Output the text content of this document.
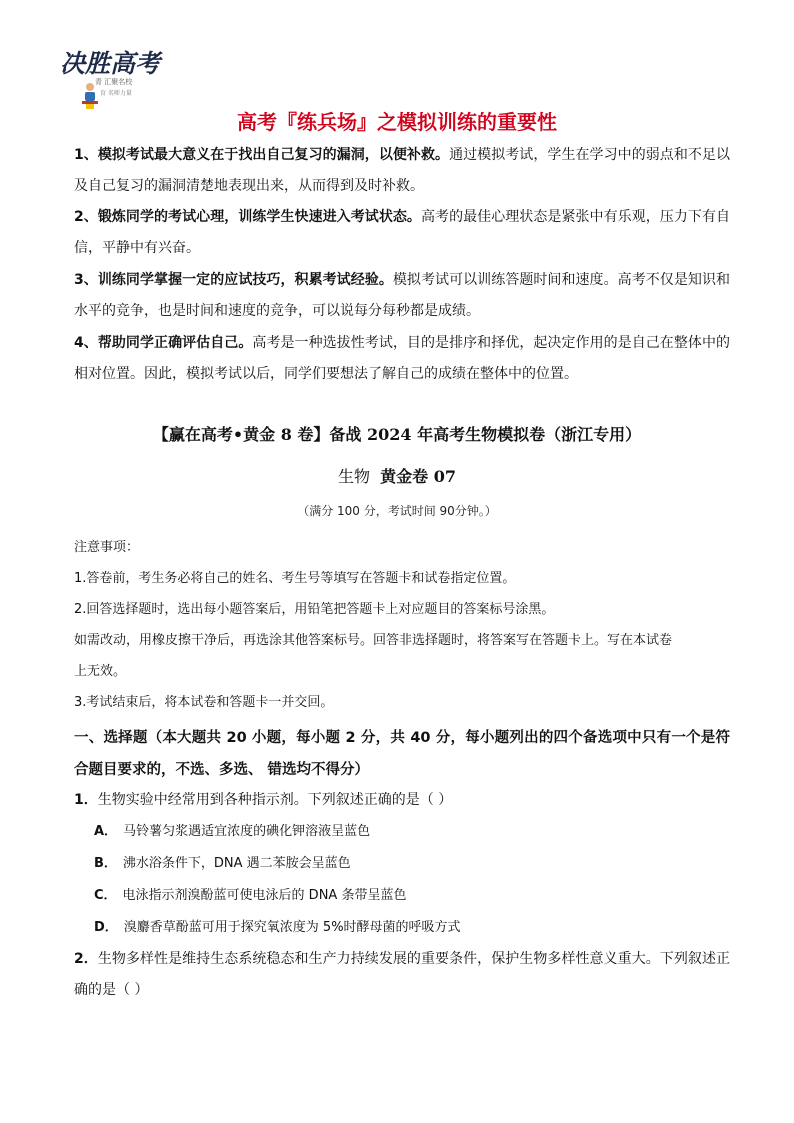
决胜高考
青 汇聚名校
育 名师力量
高考『练兵场』之模拟训练的重要性
1、模拟考试最大意义在于找出自己复习的漏洞，以便补救。通过模拟考试，学生在学习中的弱点和不足以及自己复习的漏洞清楚地表现出来，从而得到及时补救。
2、锻炼同学的考试心理，训练学生快速进入考试状态。高考的最佳心理状态是紧张中有乐观，压力下有自信，平静中有兴奋。
3、训练同学掌握一定的应试技巧，积累考试经验。模拟考试可以训练答题时间和速度。高考不仅是知识和水平的竞争，也是时间和速度的竞争，可以说每分每秒都是成绩。
4、帮助同学正确评估自己。高考是一种选拔性考试，目的是排序和择优，起决定作用的是自己在整体中的相对位置。因此，模拟考试以后，同学们要想法了解自己的成绩在整体中的位置。
【赢在高考•黄金 8 卷】备战 2024 年高考生物模拟卷（浙江专用）
生物 黄金卷 07
（满分 100 分，考试时间 90分钟。）
注意事项：
1.答卷前，考生务必将自己的姓名、考生号等填写在答题卡和试卷指定位置。
2.回答选择题时，选出每小题答案后，用铅笔把答题卡上对应题目的答案标号涂黑。
如需改动，用橡皮擦干净后，再选涂其他答案标号。回答非选择题时，将答案写在答题卡上。写在本试卷
上无效。
3.考试结束后，将本试卷和答题卡一并交回。
一、选择题（本大题共 20 小题，每小题 2 分，共 40 分，每小题列出的四个备选项中只有一个是符合题目要求的，不选、多选、 错选均不得分）
1．生物实验中经常用到各种指示剂。下列叙述正确的是（ ）
A． 马铃薯匀浆遇适宜浓度的碘化钾溶液呈蓝色
B． 沸水浴条件下，DNA 遇二苯胺会呈蓝色
C． 电泳指示剂溴酚蓝可使电泳后的 DNA 条带呈蓝色
D． 溴麝香草酚蓝可用于探究氧浓度为 5%时酵母菌的呼吸方式
2．生物多样性是维持生态系统稳态和生产力持续发展的重要条件，保护生物多样性意义重大。下列叙述正确的是（ ）
